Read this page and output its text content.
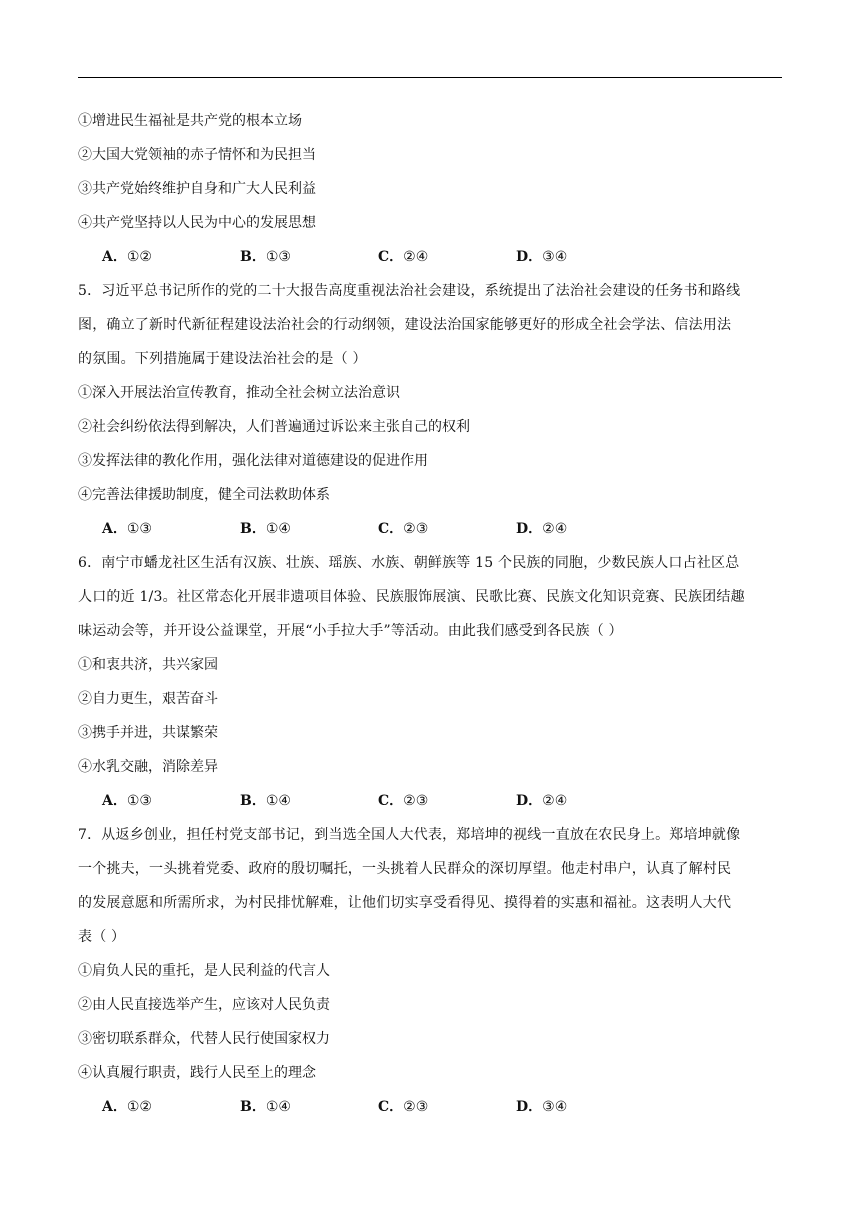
①增进民生福祉是共产党的根本立场
②大国大党领袖的赤子情怀和为民担当
③共产党始终维护自身和广大人民利益
④共产党坚持以人民为中心的发展思想
A．①②	B．①③	C．②④	D．③④
5．习近平总书记所作的党的二十大报告高度重视法治社会建设，系统提出了法治社会建设的任务书和路线
图，确立了新时代新征程建设法治社会的行动纲领，建设法治国家能够更好的形成全社会学法、信法用法
的氛围。下列措施属于建设法治社会的是（ ）
①深入开展法治宣传教育，推动全社会树立法治意识
②社会纠纷依法得到解决，人们普遍通过诉讼来主张自己的权利
③发挥法律的教化作用，强化法律对道德建设的促进作用
④完善法律援助制度，健全司法救助体系
A．①③	B．①④	C．②③	D．②④
6．南宁市蟠龙社区生活有汉族、壮族、瑶族、水族、朝鲜族等 15 个民族的同胞，少数民族人口占社区总
人口的近 1/3。社区常态化开展非遗项目体验、民族服饰展演、民歌比赛、民族文化知识竞赛、民族团结趣
味运动会等，并开设公益课堂，开展“小手拉大手”等活动。由此我们感受到各民族（ ）
①和衷共济，共兴家园
②自力更生，艰苦奋斗
③携手并进，共谋繁荣
④水乳交融，消除差异
A．①③	B．①④	C．②③	D．②④
7．从返乡创业，担任村党支部书记，到当选全国人大代表，郑培坤的视线一直放在农民身上。郑培坤就像
一个挑夫，一头挑着党委、政府的殷切嘱托，一头挑着人民群众的深切厚望。他走村串户，认真了解村民
的发展意愿和所需所求，为村民排忧解难，让他们切实享受看得见、摸得着的实惠和福祉。这表明人大代
表（ ）
①肩负人民的重托，是人民利益的代言人
②由人民直接选举产生，应该对人民负责
③密切联系群众，代替人民行使国家权力
④认真履行职责，践行人民至上的理念
A．①②	B．①④	C．②③	D．③④
